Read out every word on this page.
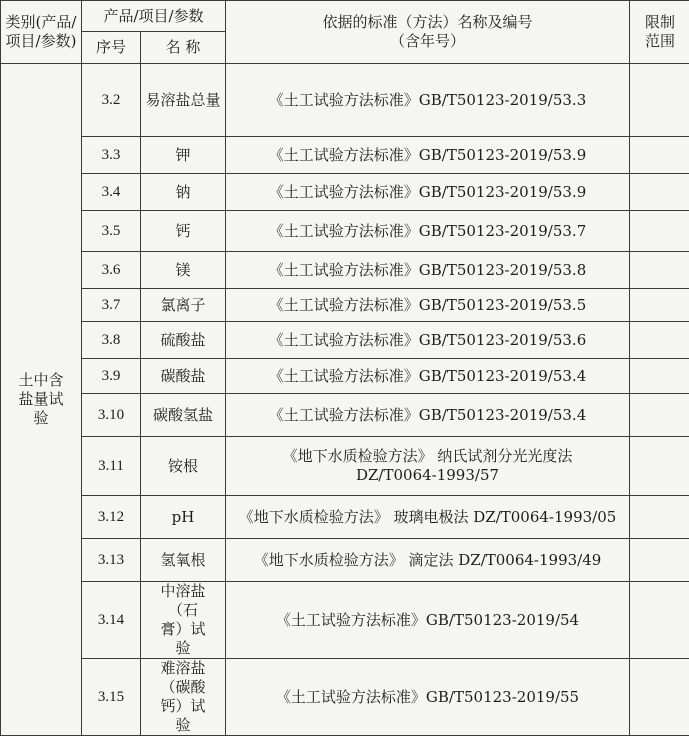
类别(产品/项目/参数)	产品/项目/参数		依据的标准（方法）名称及编号（含年号）	限制范围
	序号	名 称		
土中含盐量试验	3.2	易溶盐总量	《土工试验方法标准》GB/T50123-2019/53.3	
	3.3	钾	《土工试验方法标准》GB/T50123-2019/53.9	
	3.4	钠	《土工试验方法标准》GB/T50123-2019/53.9	
	3.5	钙	《土工试验方法标准》GB/T50123-2019/53.7	
	3.6	镁	《土工试验方法标准》GB/T50123-2019/53.8	
	3.7	氯离子	《土工试验方法标准》GB/T50123-2019/53.5	
	3.8	硫酸盐	《土工试验方法标准》GB/T50123-2019/53.6	
	3.9	碳酸盐	《土工试验方法标准》GB/T50123-2019/53.4	
	3.10	碳酸氢盐	《土工试验方法标准》GB/T50123-2019/53.4	
	3.11	铵根	《地下水质检验方法》 纳氏试剂分光光度法 DZ/T0064-1993/57	
	3.12	pH	《地下水质检验方法》 玻璃电极法 DZ/T0064-1993/05	
	3.13	氢氧根	《地下水质检验方法》 滴定法 DZ/T0064-1993/49	
	3.14	中溶盐（石膏）试验	《土工试验方法标准》GB/T50123-2019/54	
	3.15	难溶盐（碳酸钙）试验	《土工试验方法标准》GB/T50123-2019/55	
